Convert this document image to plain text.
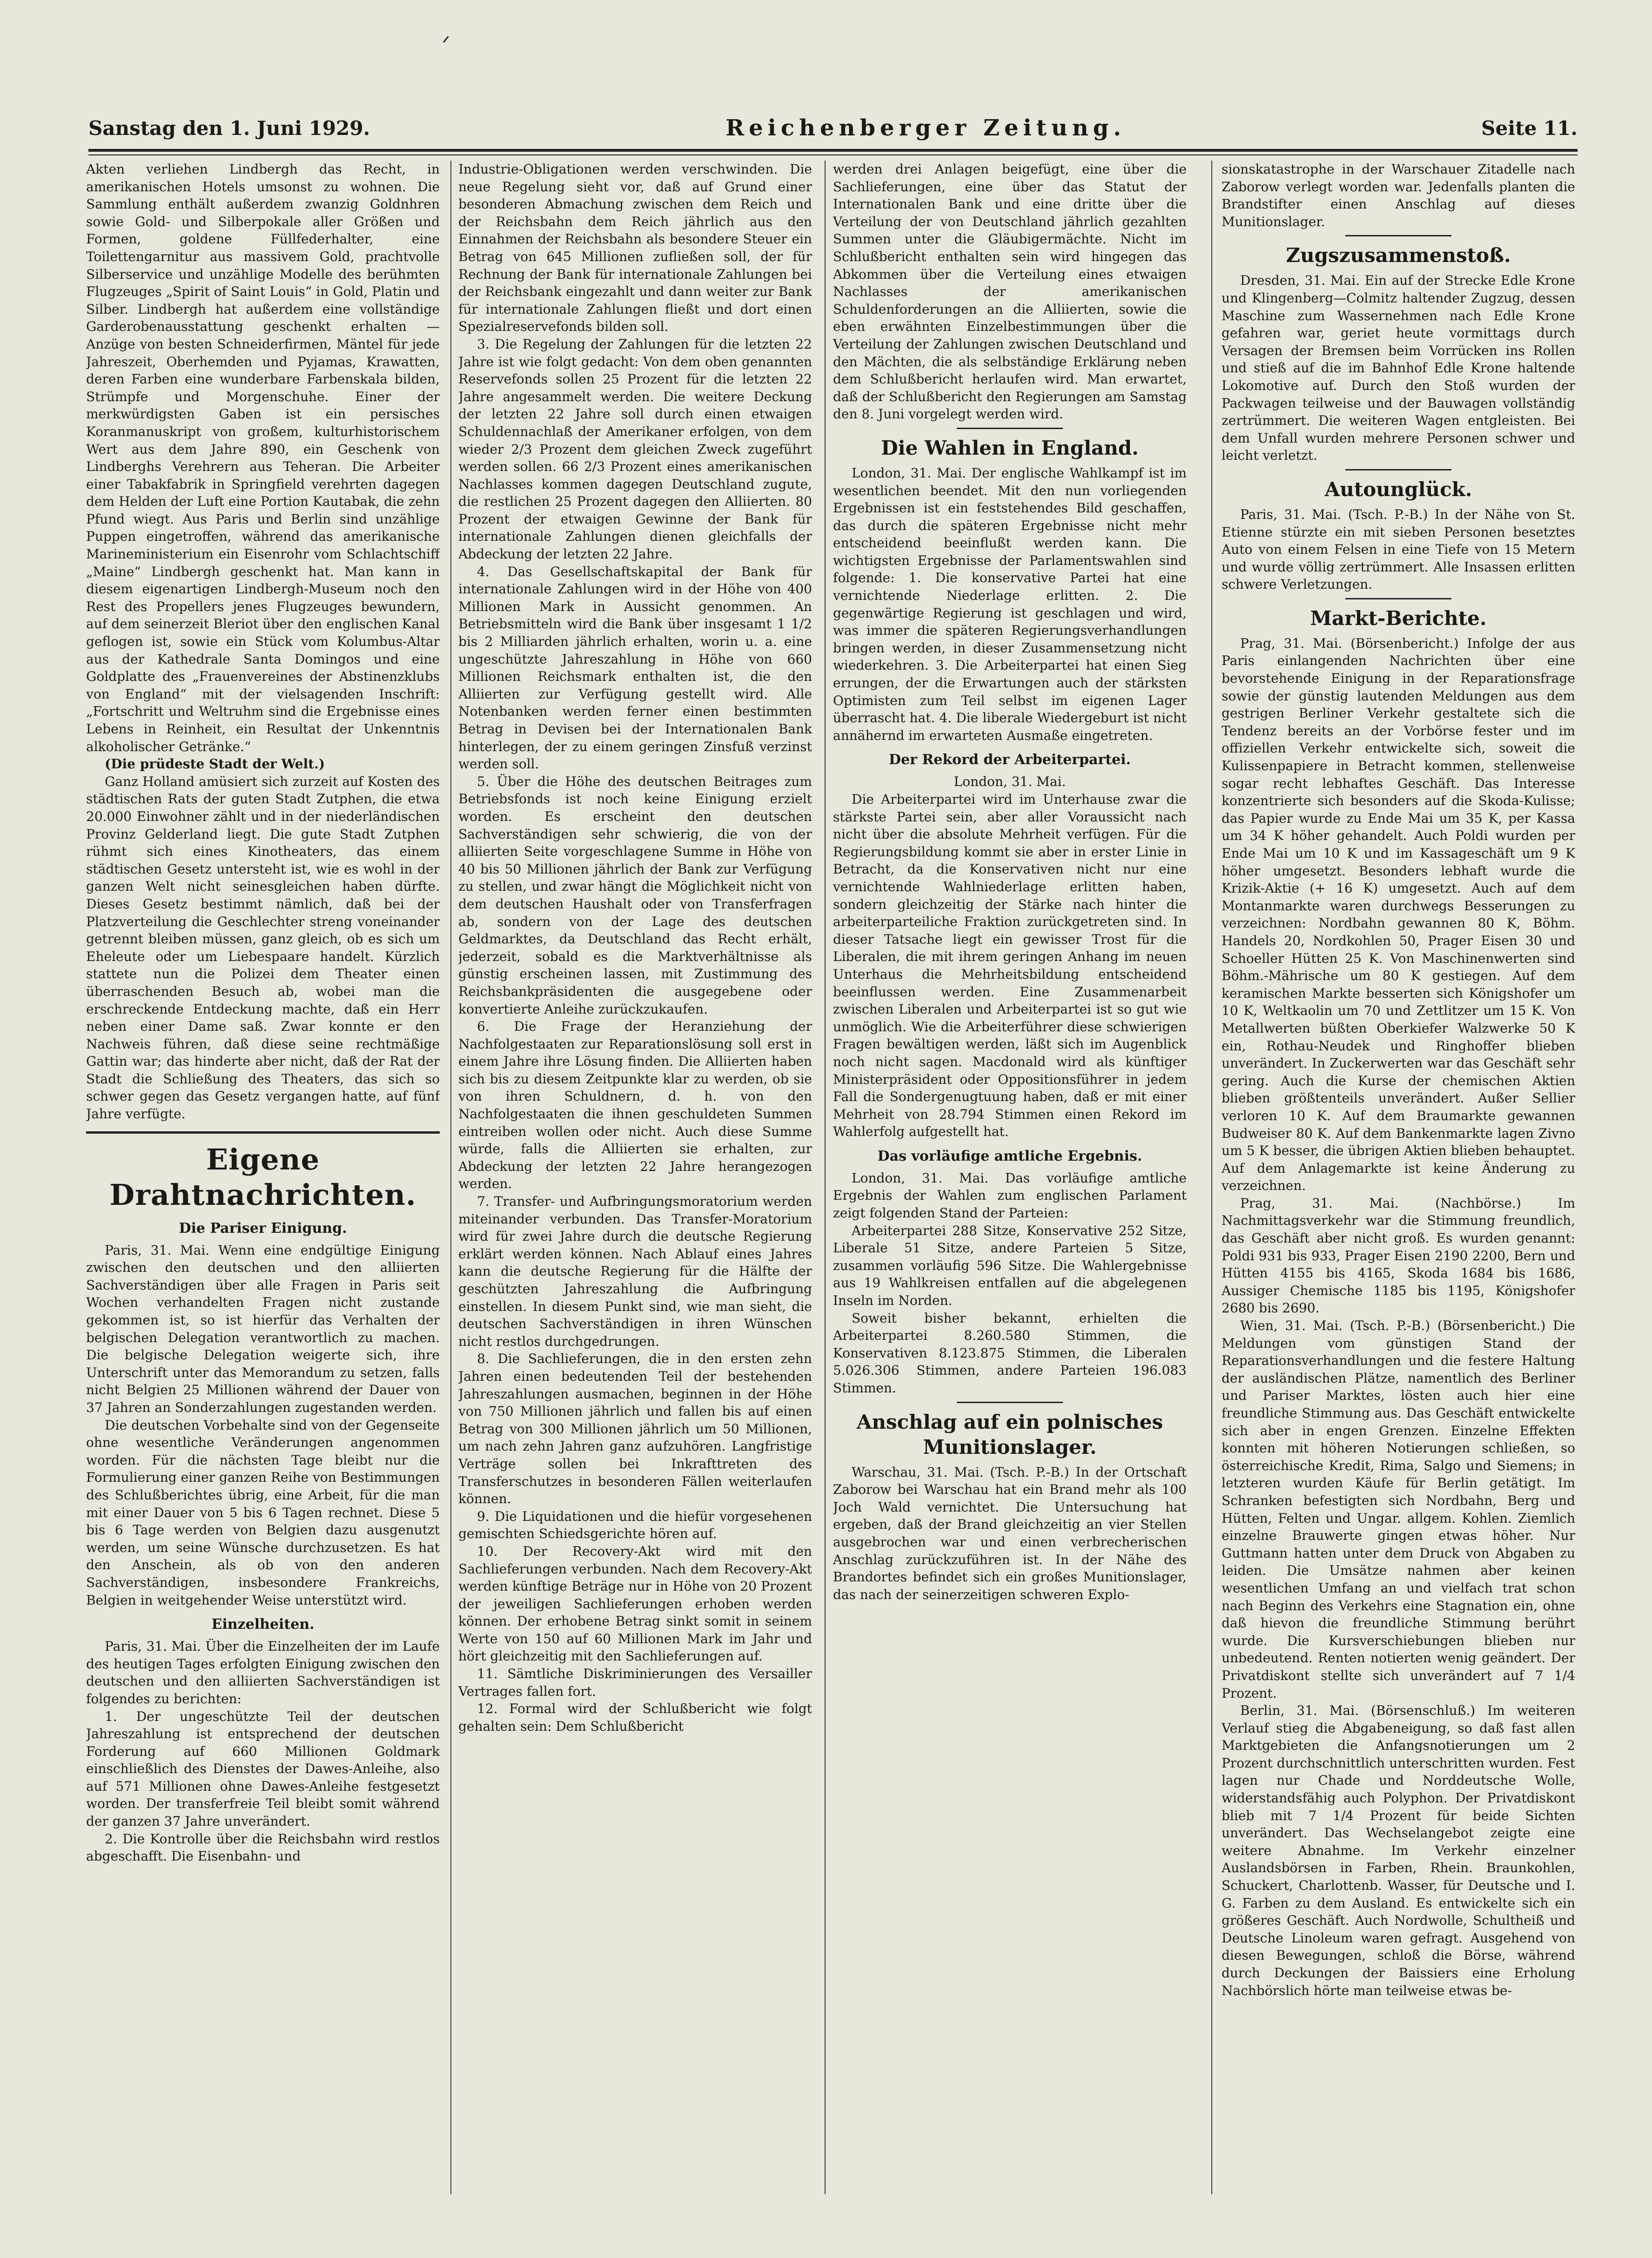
ᐟ
Sanstag den 1. Juni 1929.	Reichenberger Zeitung.	Seite 11.

Akten verliehen Lindbergh das Recht, in amerikanischen Hotels umsonst zu wohnen. Die Sammlung enthält außerdem zwanzig Goldnhren sowie Gold- und Silberpokale aller Größen und Formen, goldene Füllfederhalter, eine Toilettengarnitur aus massivem Gold, prachtvolle Silberservice und unzählige Modelle des berühmten Flugzeuges „Spirit of Saint Louis“ in Gold, Platin und Silber. Lindbergh hat außerdem eine vollständige Garderobenausstattung geschenkt erhalten — Anzüge von besten Schneiderfirmen, Mäntel für jede Jahreszeit, Oberhemden und Pyjamas, Krawatten, deren Farben eine wunderbare Farbenskala bilden, Strümpfe und Morgenschuhe. Einer der merkwürdigsten Gaben ist ein persisches Koranmanuskript von großem, kulturhistorischem Wert aus dem Jahre 890, ein Geschenk von Lindberghs Verehrern aus Teheran. Die Arbeiter einer Tabakfabrik in Springfield verehrten dagegen dem Helden der Luft eine Portion Kautabak, die zehn Pfund wiegt. Aus Paris und Berlin sind unzählige Puppen eingetroffen, während das amerikanische Marineministerium ein Eisenrohr vom Schlachtschiff „Maine“ Lindbergh geschenkt hat. Man kann in diesem eigenartigen Lindbergh-Museum noch den Rest des Propellers jenes Flugzeuges bewundern, auf dem seinerzeit Bleriot über den englischen Kanal geflogen ist, sowie ein Stück vom Kolumbus-Altar aus der Kathedrale Santa Domingos und eine Goldplatte des „Frauenvereines der Abstinenzklubs von England“ mit der vielsagenden Inschrift: „Fortschritt und Weltruhm sind die Ergebnisse eines Lebens in Reinheit, ein Resultat der Unkenntnis alkoholischer Getränke.“

(Die prüdeste Stadt der Welt.)

Ganz Holland amüsiert sich zurzeit auf Kosten des städtischen Rats der guten Stadt Zutphen, die etwa 20.000 Einwohner zählt und in der niederländischen Provinz Gelderland liegt. Die gute Stadt Zutphen rühmt sich eines Kinotheaters, das einem städtischen Gesetz untersteht ist, wie es wohl in der ganzen Welt nicht seinesgleichen haben dürfte. Dieses Gesetz bestimmt nämlich, daß bei der Platzverteilung die Geschlechter streng voneinander getrennt bleiben müssen, ganz gleich, ob es sich um Eheleute oder um Liebespaare handelt. Kürzlich stattete nun die Polizei dem Theater einen überraschenden Besuch ab, wobei man die erschreckende Entdeckung machte, daß ein Herr neben einer Dame saß. Zwar konnte er den Nachweis führen, daß diese seine rechtmäßige Gattin war; das hinderte aber nicht, daß der Rat der Stadt die Schließung des Theaters, das sich so schwer gegen das Gesetz vergangen hatte, auf fünf Jahre verfügte.

Eigene Drahtnachrichten.
Die Pariser Einigung.

Paris, 31. Mai. Wenn eine endgültige Einigung zwischen den deutschen und den alliierten Sachverständigen über alle Fragen in Paris seit Wochen verhandelten Fragen nicht zustande gekommen ist, so ist hierfür das Verhalten der belgischen Delegation verantwortlich zu machen. Die belgische Delegation weigerte sich, ihre Unterschrift unter das Memorandum zu setzen, falls nicht Belgien 25 Millionen während der Dauer von 37 Jahren an Sonderzahlungen zugestanden werden.

Die deutschen Vorbehalte sind von der Gegenseite ohne wesentliche Veränderungen angenommen worden. Für die nächsten Tage bleibt nur die Formulierung einer ganzen Reihe von Bestimmungen des Schlußberichtes übrig, eine Arbeit, für die man mit einer Dauer von 5 bis 6 Tagen rechnet. Diese 5 bis 6 Tage werden von Belgien dazu ausgenutzt werden, um seine Wünsche durchzusetzen. Es hat den Anschein, als ob von den anderen Sachverständigen, insbesondere Frankreichs, Belgien in weitgehender Weise unterstützt wird.

Einzelheiten.

Paris, 31. Mai. Über die Einzelheiten der im Laufe des heutigen Tages erfolgten Einigung zwischen den deutschen und den alliierten Sachverständigen ist folgendes zu berichten:

1. Der ungeschützte Teil der deutschen Jahreszahlung ist entsprechend der deutschen Forderung auf 660 Millionen Goldmark einschließlich des Dienstes der Dawes-Anleihe, also auf 571 Millionen ohne Dawes-Anleihe festgesetzt worden. Der transferfreie Teil bleibt somit während der ganzen 37 Jahre unverändert.

2. Die Kontrolle über die Reichsbahn wird restlos abgeschafft. Die Eisenbahn- und

Industrie-Obligationen werden verschwinden. Die neue Regelung sieht vor, daß auf Grund einer besonderen Abmachung zwischen dem Reich und der Reichsbahn dem Reich jährlich aus den Einnahmen der Reichsbahn als besondere Steuer ein Betrag von 645 Millionen zufließen soll, der für Rechnung der Bank für internationale Zahlungen bei der Reichsbank eingezahlt und dann weiter zur Bank für internationale Zahlungen fließt und dort einen Spezialreservefonds bilden soll.

3. Die Regelung der Zahlungen für die letzten 22 Jahre ist wie folgt gedacht: Von dem oben genannten Reservefonds sollen 25 Prozent für die letzten 22 Jahre angesammelt werden. Die weitere Deckung der letzten 22 Jahre soll durch einen etwaigen Schuldennachlaß der Amerikaner erfolgen, von dem wieder 2/3 Prozent dem gleichen Zweck zugeführt werden sollen. 66 2/3 Prozent eines amerikanischen Nachlasses kommen dagegen Deutschland zugute, die restlichen 25 Prozent dagegen den Alliierten. 80 Prozent der etwaigen Gewinne der Bank für internationale Zahlungen dienen gleichfalls der Abdeckung der letzten 22 Jahre.

4. Das Gesellschaftskapital der Bank für internationale Zahlungen wird in der Höhe von 400 Millionen Mark in Aussicht genommen. An Betriebsmitteln wird die Bank über insgesamt 1 1/2 bis 2 Milliarden jährlich erhalten, worin u. a. eine ungeschützte Jahreszahlung in Höhe von 660 Millionen Reichsmark enthalten ist, die den Alliierten zur Verfügung gestellt wird. Alle Notenbanken werden ferner einen bestimmten Betrag in Devisen bei der Internationalen Bank hinterlegen, der zu einem geringen Zinsfuß verzinst werden soll.

5. Über die Höhe des deutschen Beitrages zum Betriebsfonds ist noch keine Einigung erzielt worden. Es erscheint den deutschen Sachverständigen sehr schwierig, die von der alliierten Seite vorgeschlagene Summe in Höhe von 40 bis 50 Millionen jährlich der Bank zur Verfügung zu stellen, und zwar hängt die Möglichkeit nicht von dem deutschen Haushalt oder von Transferfragen ab, sondern von der Lage des deutschen Geldmarktes, da Deutschland das Recht erhält, jederzeit, sobald es die Marktverhältnisse als günstig erscheinen lassen, mit Zustimmung des Reichsbankpräsidenten die ausgegebene oder konvertierte Anleihe zurückzukaufen.

6. Die Frage der Heranziehung der Nachfolgestaaten zur Reparationslösung soll erst in einem Jahre ihre Lösung finden. Die Alliierten haben sich bis zu diesem Zeitpunkte klar zu werden, ob sie von ihren Schuldnern, d. h. von den Nachfolgestaaten die ihnen geschuldeten Summen eintreiben wollen oder nicht. Auch diese Summe würde, falls die Alliierten sie erhalten, zur Abdeckung der letzten 22 Jahre herangezogen werden.

7. Transfer- und Aufbringungsmoratorium werden miteinander verbunden. Das Transfer-Moratorium wird für zwei Jahre durch die deutsche Regierung erklärt werden können. Nach Ablauf eines Jahres kann die deutsche Regierung für die Hälfte der geschützten Jahreszahlung die Aufbringung einstellen. In diesem Punkt sind, wie man sieht, die deutschen Sachverständigen in ihren Wünschen nicht restlos durchgedrungen.

8. Die Sachlieferungen, die in den ersten zehn Jahren einen bedeutenden Teil der bestehenden Jahreszahlungen ausmachen, beginnen in der Höhe von 750 Millionen jährlich und fallen bis auf einen Betrag von 300 Millionen jährlich um 50 Millionen, um nach zehn Jahren ganz aufzuhören. Langfristige Verträge sollen bei Inkrafttreten des Transferschutzes in besonderen Fällen weiterlaufen können.

9. Die Liquidationen und die hiefür vorgesehenen gemischten Schiedsgerichte hören auf.

10. Der Recovery-Akt wird mit den Sachlieferungen verbunden. Nach dem Recovery-Akt werden künftige Beträge nur in Höhe von 20 Prozent der jeweiligen Sachlieferungen erhoben werden können. Der erhobene Betrag sinkt somit in seinem Werte von 150 auf 60 Millionen Mark im Jahr und hört gleichzeitig mit den Sachlieferungen auf.

11. Sämtliche Diskriminierungen des Versailler Vertrages fallen fort.

12. Formal wird der Schlußbericht wie folgt gehalten sein: Dem Schlußbericht

werden drei Anlagen beigefügt, eine über die Sachlieferungen, eine über das Statut der Internationalen Bank und eine dritte über die Verteilung der von Deutschland jährlich gezahlten Summen unter die Gläubigermächte. Nicht im Schlußbericht enthalten sein wird hingegen das Abkommen über die Verteilung eines etwaigen Nachlasses der amerikanischen Schuldenforderungen an die Alliierten, sowie die eben erwähnten Einzelbestimmungen über die Verteilung der Zahlungen zwischen Deutschland und den Mächten, die als selbständige Erklärung neben dem Schlußbericht herlaufen wird. Man erwartet, daß der Schlußbericht den Regierungen am Samstag den 8. Juni vorgelegt werden wird.

Die Wahlen in England.

London, 31. Mai. Der englische Wahlkampf ist im wesentlichen beendet. Mit den nun vorliegenden Ergebnissen ist ein feststehendes Bild geschaffen, das durch die späteren Ergebnisse nicht mehr entscheidend beeinflußt werden kann. Die wichtigsten Ergebnisse der Parlamentswahlen sind folgende: 1. Die konservative Partei hat eine vernichtende Niederlage erlitten. 2. Die gegenwärtige Regierung ist geschlagen und wird, was immer die späteren Regierungsverhandlungen bringen werden, in dieser Zusammensetzung nicht wiederkehren. 3. Die Arbeiterpartei hat einen Sieg errungen, der die Erwartungen auch der stärksten Optimisten zum Teil selbst im eigenen Lager überrascht hat. 4. Die liberale Wiedergeburt ist nicht annähernd im erwarteten Ausmaße eingetreten.

Der Rekord der Arbeiterpartei.

London, 31. Mai.

Die Arbeiterpartei wird im Unterhause zwar die stärkste Partei sein, aber aller Voraussicht nach nicht über die absolute Mehrheit verfügen. Für die Regierungsbildung kommt sie aber in erster Linie in Betracht, da die Konservativen nicht nur eine vernichtende Wahlniederlage erlitten haben, sondern gleichzeitig der Stärke nach hinter die arbeiterparteiliche Fraktion zurückgetreten sind. In dieser Tatsache liegt ein gewisser Trost für die Liberalen, die mit ihrem geringen Anhang im neuen Unterhaus die Mehrheitsbildung entscheidend beeinflussen werden. Eine Zusammenarbeit zwischen Liberalen und Arbeiterpartei ist so gut wie unmöglich. Wie die Arbeiterführer diese schwierigen Fragen bewältigen werden, läßt sich im Augenblick noch nicht sagen. Macdonald wird als künftiger Ministerpräsident oder Oppositionsführer in jedem Fall die Sondergenugtuung haben, daß er mit einer Mehrheit von 28.794 Stimmen einen Rekord im Wahlerfolg aufgestellt hat.

Das vorläufige amtliche Ergebnis.

London, 31. Mai. Das vorläufige amtliche Ergebnis der Wahlen zum englischen Parlament zeigt folgenden Stand der Parteien:

Arbeiterpartei 288 Sitze, Konservative 252 Sitze, Liberale 51 Sitze, andere Parteien 5 Sitze, zusammen vorläufig 596 Sitze. Die Wahlergebnisse aus 19 Wahlkreisen entfallen auf die abgelegenen Inseln im Norden.

Soweit bisher bekannt, erhielten die Arbeiterpartei 8.260.580 Stimmen, die Konservativen 8.123.875 Stimmen, die Liberalen 5.026.306 Stimmen, andere Parteien 196.083 Stimmen.

Anschlag auf ein polnisches Munitionslager.

Warschau, 31. Mai. (Tsch. P.-B.) In der Ortschaft Zaborow bei Warschau hat ein Brand mehr als 100 Joch Wald vernichtet. Die Untersuchung hat ergeben, daß der Brand gleichzeitig an vier Stellen ausgebrochen war und einen verbrecherischen Anschlag zurückzuführen ist. In der Nähe des Brandortes befindet sich ein großes Munitionslager, das nach der seinerzeitigen schweren Explo-

sionskatastrophe in der Warschauer Zitadelle nach Zaborow verlegt worden war. Jedenfalls planten die Brandstifter einen Anschlag auf dieses Munitionslager.

Zugszusammenstoß.

Dresden, 31. Mai. Ein auf der Strecke Edle Krone und Klingenberg—Colmitz haltender Zugzug, dessen Maschine zum Wassernehmen nach Edle Krone gefahren war, geriet heute vormittags durch Versagen der Bremsen beim Vorrücken ins Rollen und stieß auf die im Bahnhof Edle Krone haltende Lokomotive auf. Durch den Stoß wurden der Packwagen teilweise und der Bauwagen vollständig zertrümmert. Die weiteren Wagen entgleisten. Bei dem Unfall wurden mehrere Personen schwer und leicht verletzt.

Autounglück.

Paris, 31. Mai. (Tsch. P.-B.) In der Nähe von St. Etienne stürzte ein mit sieben Personen besetztes Auto von einem Felsen in eine Tiefe von 15 Metern und wurde völlig zertrümmert. Alle Insassen erlitten schwere Verletzungen.

Markt-Berichte.

Prag, 31. Mai. (Börsenbericht.) Infolge der aus Paris einlangenden Nachrichten über eine bevorstehende Einigung in der Reparationsfrage sowie der günstig lautenden Meldungen aus dem gestrigen Berliner Verkehr gestaltete sich die Tendenz bereits an der Vorbörse fester und im offiziellen Verkehr entwickelte sich, soweit die Kulissenpapiere in Betracht kommen, stellenweise sogar recht lebhaftes Geschäft. Das Interesse konzentrierte sich besonders auf die Skoda-Kulisse; das Papier wurde zu Ende Mai um 35 K, per Kassa um 34 K höher gehandelt. Auch Poldi wurden per Ende Mai um 10 K und im Kassageschäft um 9 K höher umgesetzt. Besonders lebhaft wurde die Krizik-Aktie (+ 16 K) umgesetzt. Auch auf dem Montanmarkte waren durchwegs Besserungen zu verzeichnen: Nordbahn gewannen 80 K, Böhm. Handels 20, Nordkohlen 50, Prager Eisen 30 und Schoeller Hütten 25 K. Von Maschinenwerten sind Böhm.-Mährische um 80 K gestiegen. Auf dem keramischen Markte besserten sich Königshofer um 10 K, Weltkaolin um 70 und Zettlitzer um 15 K. Von Metallwerten büßten Oberkiefer Walzwerke 50 K ein, Rothau-Neudek und Ringhoffer blieben unverändert. In Zuckerwerten war das Geschäft sehr gering. Auch die Kurse der chemischen Aktien blieben größtenteils unverändert. Außer Sellier verloren 10 K. Auf dem Braumarkte gewannen Budweiser 80 K. Auf dem Bankenmarkte lagen Zivno um 5 K besser, die übrigen Aktien blieben behauptet. Auf dem Anlagemarkte ist keine Änderung zu verzeichnen.

Prag, 31. Mai. (Nachbörse.) Im Nachmittagsverkehr war die Stimmung freundlich, das Geschäft aber nicht groß. Es wurden genannt: Poldi 931 bis 933, Prager Eisen 2190 2200, Bern und Hütten 4155 bis 4165, Skoda 1684 bis 1686, Aussiger Chemische 1185 bis 1195, Königshofer 2680 bis 2690.

Wien, 31. Mai. (Tsch. P.-B.) (Börsenbericht.) Die Meldungen vom günstigen Stand der Reparationsverhandlungen und die festere Haltung der ausländischen Plätze, namentlich des Berliner und Pariser Marktes, lösten auch hier eine freundliche Stimmung aus. Das Geschäft entwickelte sich aber in engen Grenzen. Einzelne Effekten konnten mit höheren Notierungen schließen, so österreichische Kredit, Rima, Salgo und Siemens; in letzteren wurden Käufe für Berlin getätigt. Im Schranken befestigten sich Nordbahn, Berg und Hütten, Felten und Ungar. allgem. Kohlen. Ziemlich einzelne Brauwerte gingen etwas höher. Nur Guttmann hatten unter dem Druck von Abgaben zu leiden. Die Umsätze nahmen aber keinen wesentlichen Umfang an und vielfach trat schon nach Beginn des Verkehrs eine Stagnation ein, ohne daß hievon die freundliche Stimmung berührt wurde. Die Kursverschiebungen blieben nur unbedeutend. Renten notierten wenig geändert. Der Privatdiskont stellte sich unverändert auf 7 1/4 Prozent.

Berlin, 31. Mai. (Börsenschluß.) Im weiteren Verlauf stieg die Abgabeneigung, so daß fast allen Marktgebieten die Anfangsnotierungen um 2 Prozent durchschnittlich unterschritten wurden. Fest lagen nur Chade und Norddeutsche Wolle, widerstandsfähig auch Polyphon. Der Privatdiskont blieb mit 7 1/4 Prozent für beide Sichten unverändert. Das Wechselangebot zeigte eine weitere Abnahme. Im Verkehr einzelner Auslandsbörsen in Farben, Rhein. Braunkohlen, Schuckert, Charlottenb. Wasser, für Deutsche und I. G. Farben zu dem Ausland. Es entwickelte sich ein größeres Geschäft. Auch Nordwolle, Schultheiß und Deutsche Linoleum waren gefragt. Ausgehend von diesen Bewegungen, schloß die Börse, während durch Deckungen der Baissiers eine Erholung Nachbörslich hörte man teilweise etwas be-
